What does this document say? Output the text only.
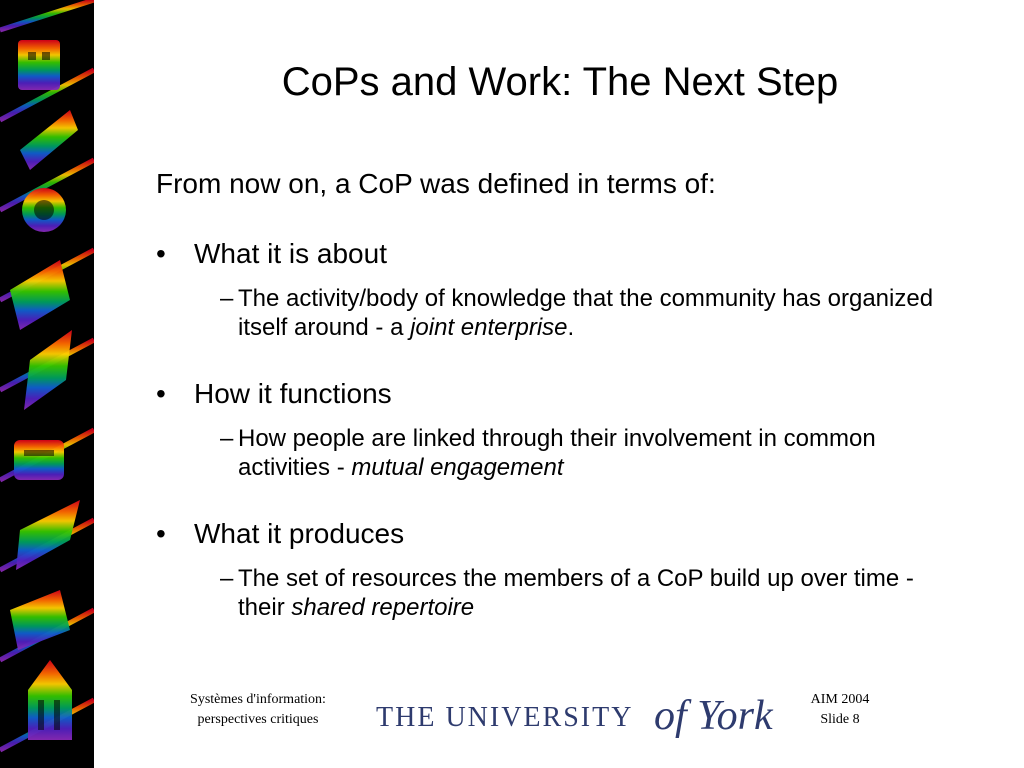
CoPs and Work: The Next Step
From now on, a CoP was defined in terms of:
• What it is about
– The activity/body of knowledge that the community has organized itself around - a joint enterprise.
• How it functions
– How people are linked through their involvement in common activities - mutual engagement
• What it produces
– The set of resources the members of a CoP build up over time - their shared repertoire
Systèmes d'information:
perspectives critiques	THE UNIVERSITY of York	AIM 2004
Slide 8
